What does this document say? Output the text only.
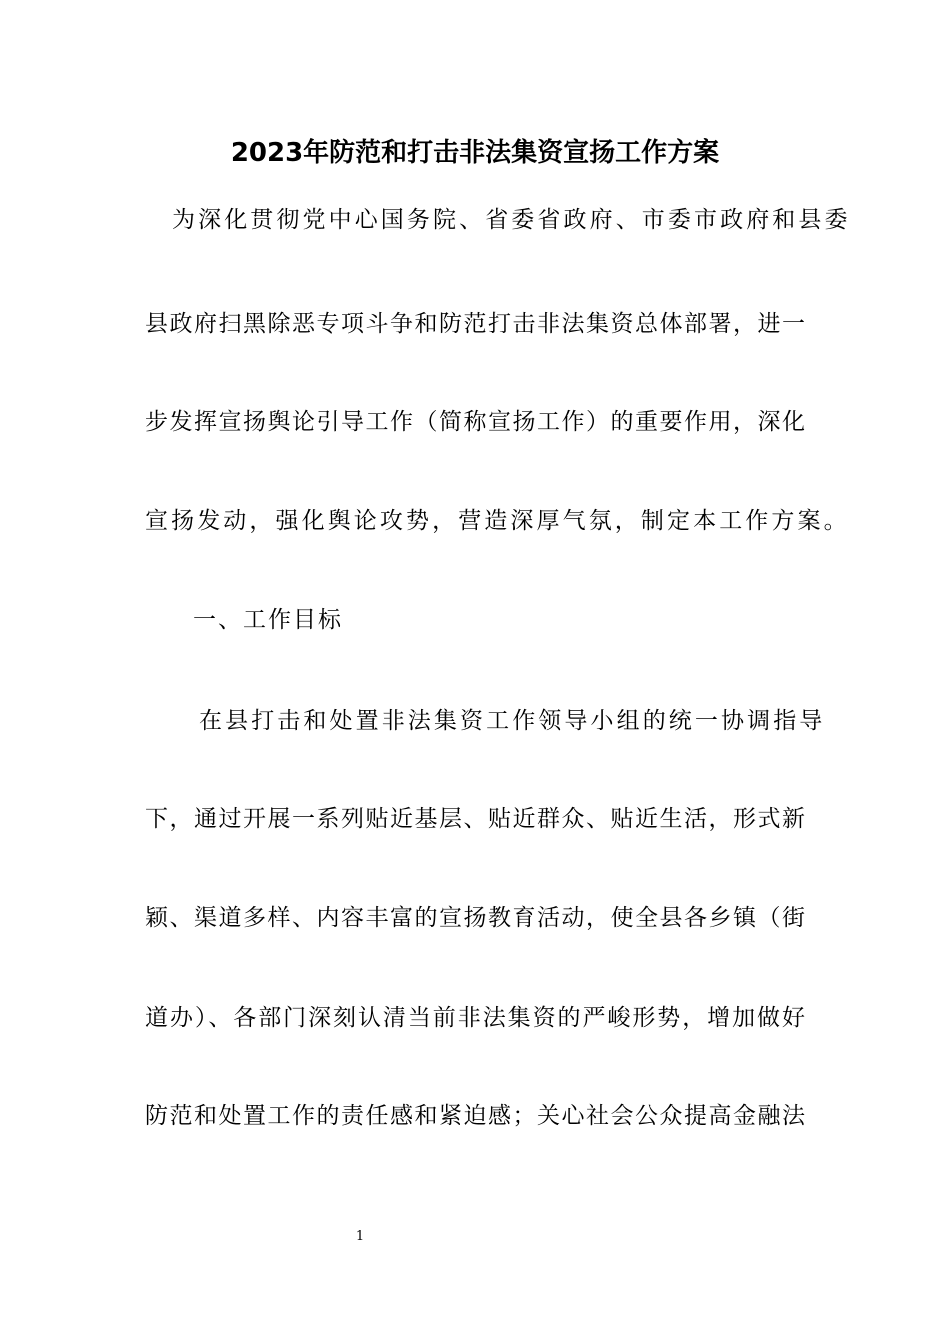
2023年防范和打击非法集资宣扬工作方案
为深化贯彻党中心国务院、省委省政府、市委市政府和县委
县政府扫黑除恶专项斗争和防范打击非法集资总体部署，进一
步发挥宣扬舆论引导工作（简称宣扬工作）的重要作用，深化
宣扬发动，强化舆论攻势，营造深厚气氛，制定本工作方案。
一、工作目标
在县打击和处置非法集资工作领导小组的统一协调指导
下，通过开展一系列贴近基层、贴近群众、贴近生活，形式新
颖、渠道多样、内容丰富的宣扬教育活动，使全县各乡镇（街
道办）、各部门深刻认清当前非法集资的严峻形势，增加做好
防范和处置工作的责任感和紧迫感；关心社会公众提高金融法
1
